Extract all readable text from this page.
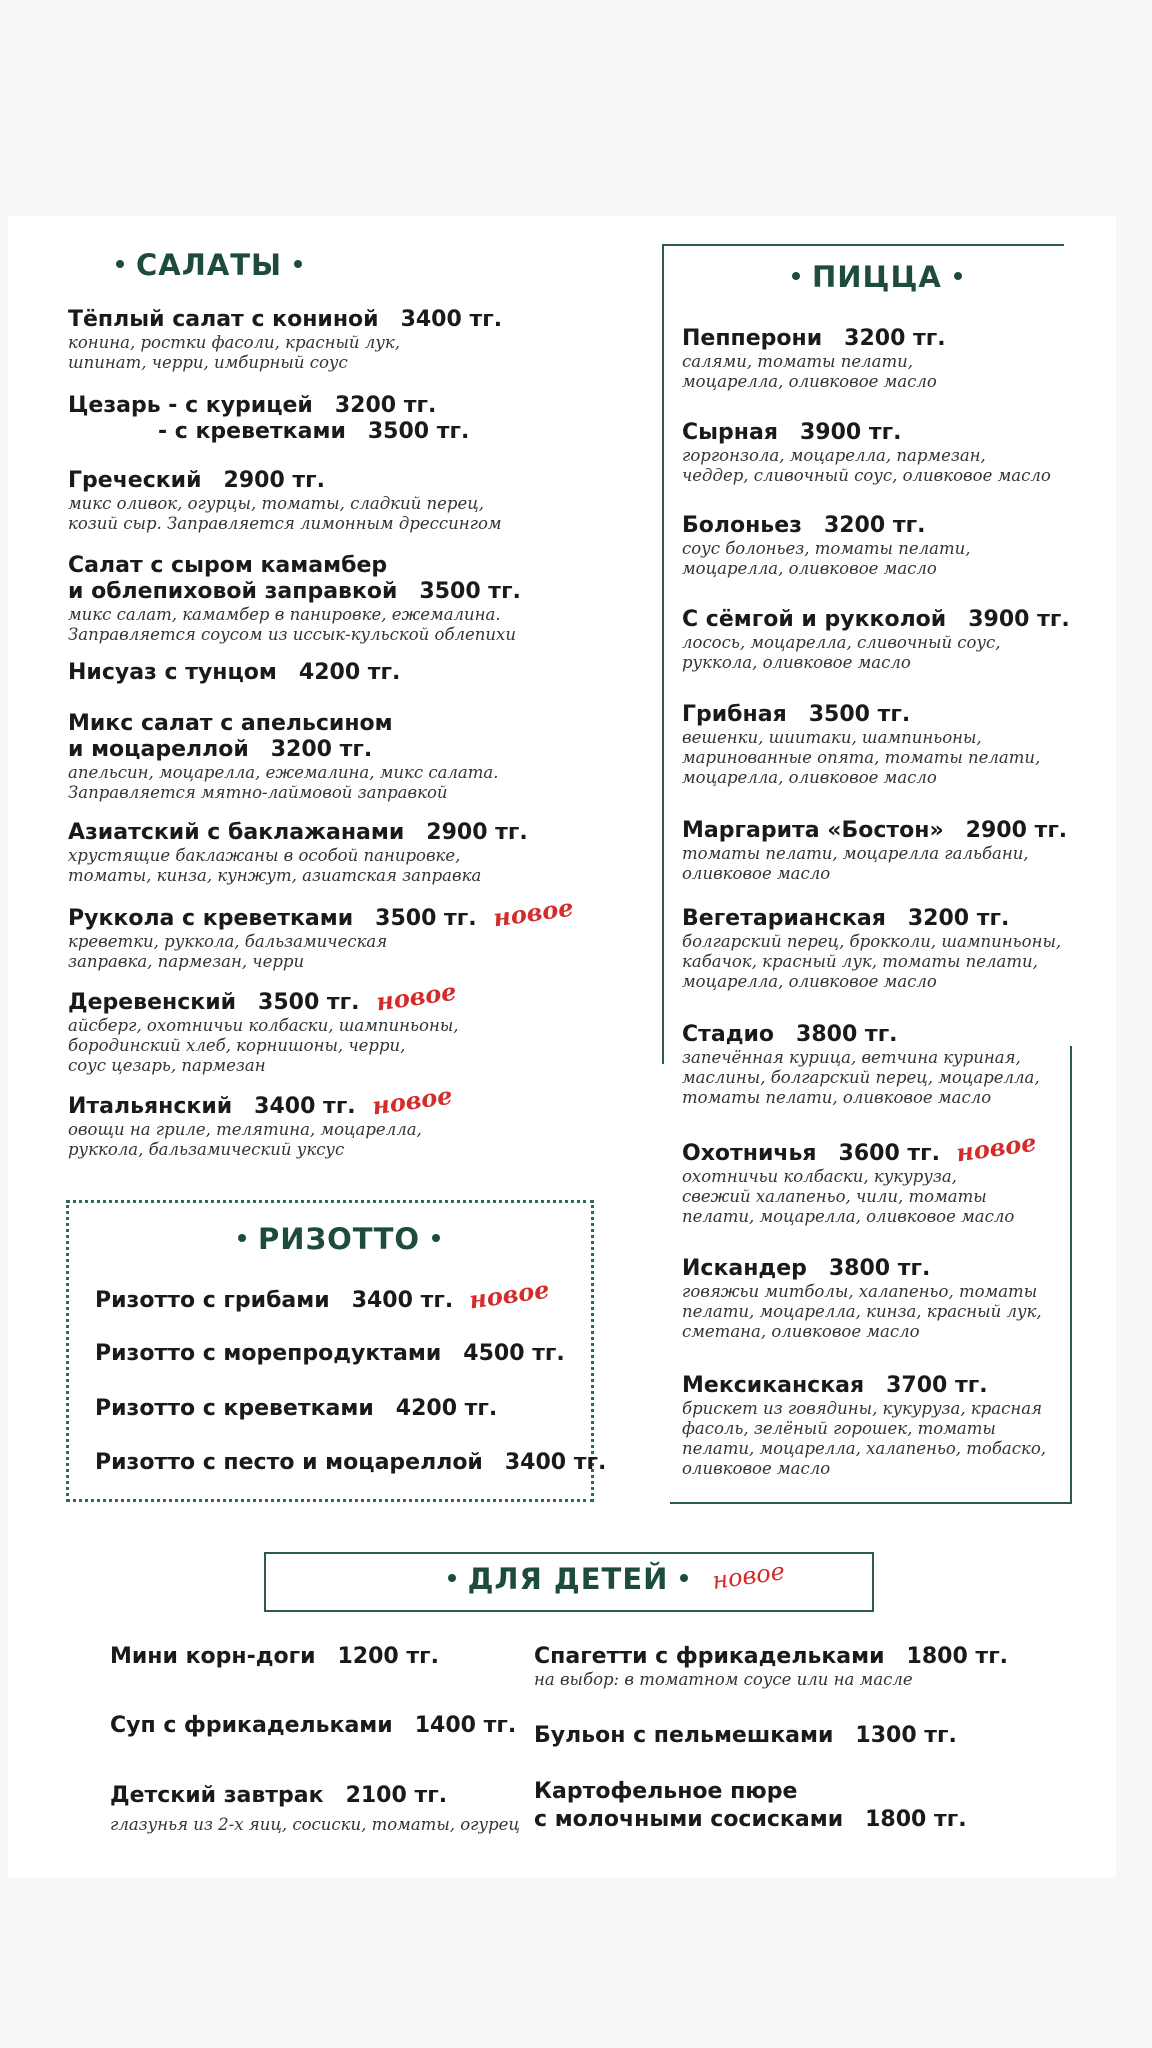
САЛАТЫ
Тёплый салат с кониной 3400 тг.
конина, ростки фасоли, красный лук,
шпинат, черри, имбирный соус
Цезарь - с курицей 3200 тг.
- с креветками 3500 тг.
Греческий 2900 тг.
микс оливок, огурцы, томаты, сладкий перец,
козий сыр. Заправляется лимонным дрессингом
Салат с сыром камамбер
и облепиховой заправкой 3500 тг.
микс салат, камамбер в панировке, ежемалина.
Заправляется соусом из иссык-кульской облепихи
Нисуаз с тунцом 4200 тг.
Микс салат с апельсином
и моцареллой 3200 тг.
апельсин, моцарелла, ежемалина, микс салата.
Заправляется мятно-лаймовой заправкой
Азиатский с баклажанами 2900 тг.
хрустящие баклажаны в особой панировке,
томаты, кинза, кунжут, азиатская заправка
Руккола с креветками 3500 тг. новое
креветки, руккола, бальзамическая
заправка, пармезан, черри
Деревенский 3500 тг. новое
айсберг, охотничьи колбаски, шампиньоны,
бородинский хлеб, корнишоны, черри,
соус цезарь, пармезан
Итальянский 3400 тг. новое
овощи на гриле, телятина, моцарелла,
руккола, бальзамический уксус
РИЗОТТО
Ризотто с грибами 3400 тг. новое
Ризотто с морепродуктами 4500 тг.
Ризотто с креветками 4200 тг.
Ризотто с песто и моцареллой 3400 тг.
ПИЦЦА
Пепперони 3200 тг.
салями, томаты пелати,
моцарелла, оливковое масло
Сырная 3900 тг.
горгонзола, моцарелла, пармезан,
чеддер, сливочный соус, оливковое масло
Болоньез 3200 тг.
соус болоньез, томаты пелати,
моцарелла, оливковое масло
С сёмгой и рукколой 3900 тг.
лосось, моцарелла, сливочный соус,
руккола, оливковое масло
Грибная 3500 тг.
вешенки, шиитаки, шампиньоны,
маринованные опята, томаты пелати,
моцарелла, оливковое масло
Маргарита «Бостон» 2900 тг.
томаты пелати, моцарелла гальбани,
оливковое масло
Вегетарианская 3200 тг.
болгарский перец, брокколи, шампиньоны,
кабачок, красный лук, томаты пелати,
моцарелла, оливковое масло
Стадио 3800 тг.
запечённая курица, ветчина куриная,
маслины, болгарский перец, моцарелла,
томаты пелати, оливковое масло
Охотничья 3600 тг. новое
охотничьи колбаски, кукуруза,
свежий халапеньо, чили, томаты
пелати, моцарелла, оливковое масло
Искандер 3800 тг.
говяжьи митболы, халапеньо, томаты
пелати, моцарелла, кинза, красный лук,
сметана, оливковое масло
Мексиканская 3700 тг.
брискет из говядины, кукуруза, красная
фасоль, зелёный горошек, томаты
пелати, моцарелла, халапеньо, тобаско,
оливковое масло
ДЛЯ ДЕТЕЙ	новое
Мини корн-доги 1200 тг.
Суп с фрикадельками 1400 тг.
Детский завтрак 2100 тг.
глазунья из 2-х яиц, сосиски, томаты, огурец
Спагетти с фрикадельками 1800 тг.
на выбор: в томатном соусе или на масле
Бульон с пельмешками 1300 тг.
Картофельное пюре
с молочными сосисками 1800 тг.
